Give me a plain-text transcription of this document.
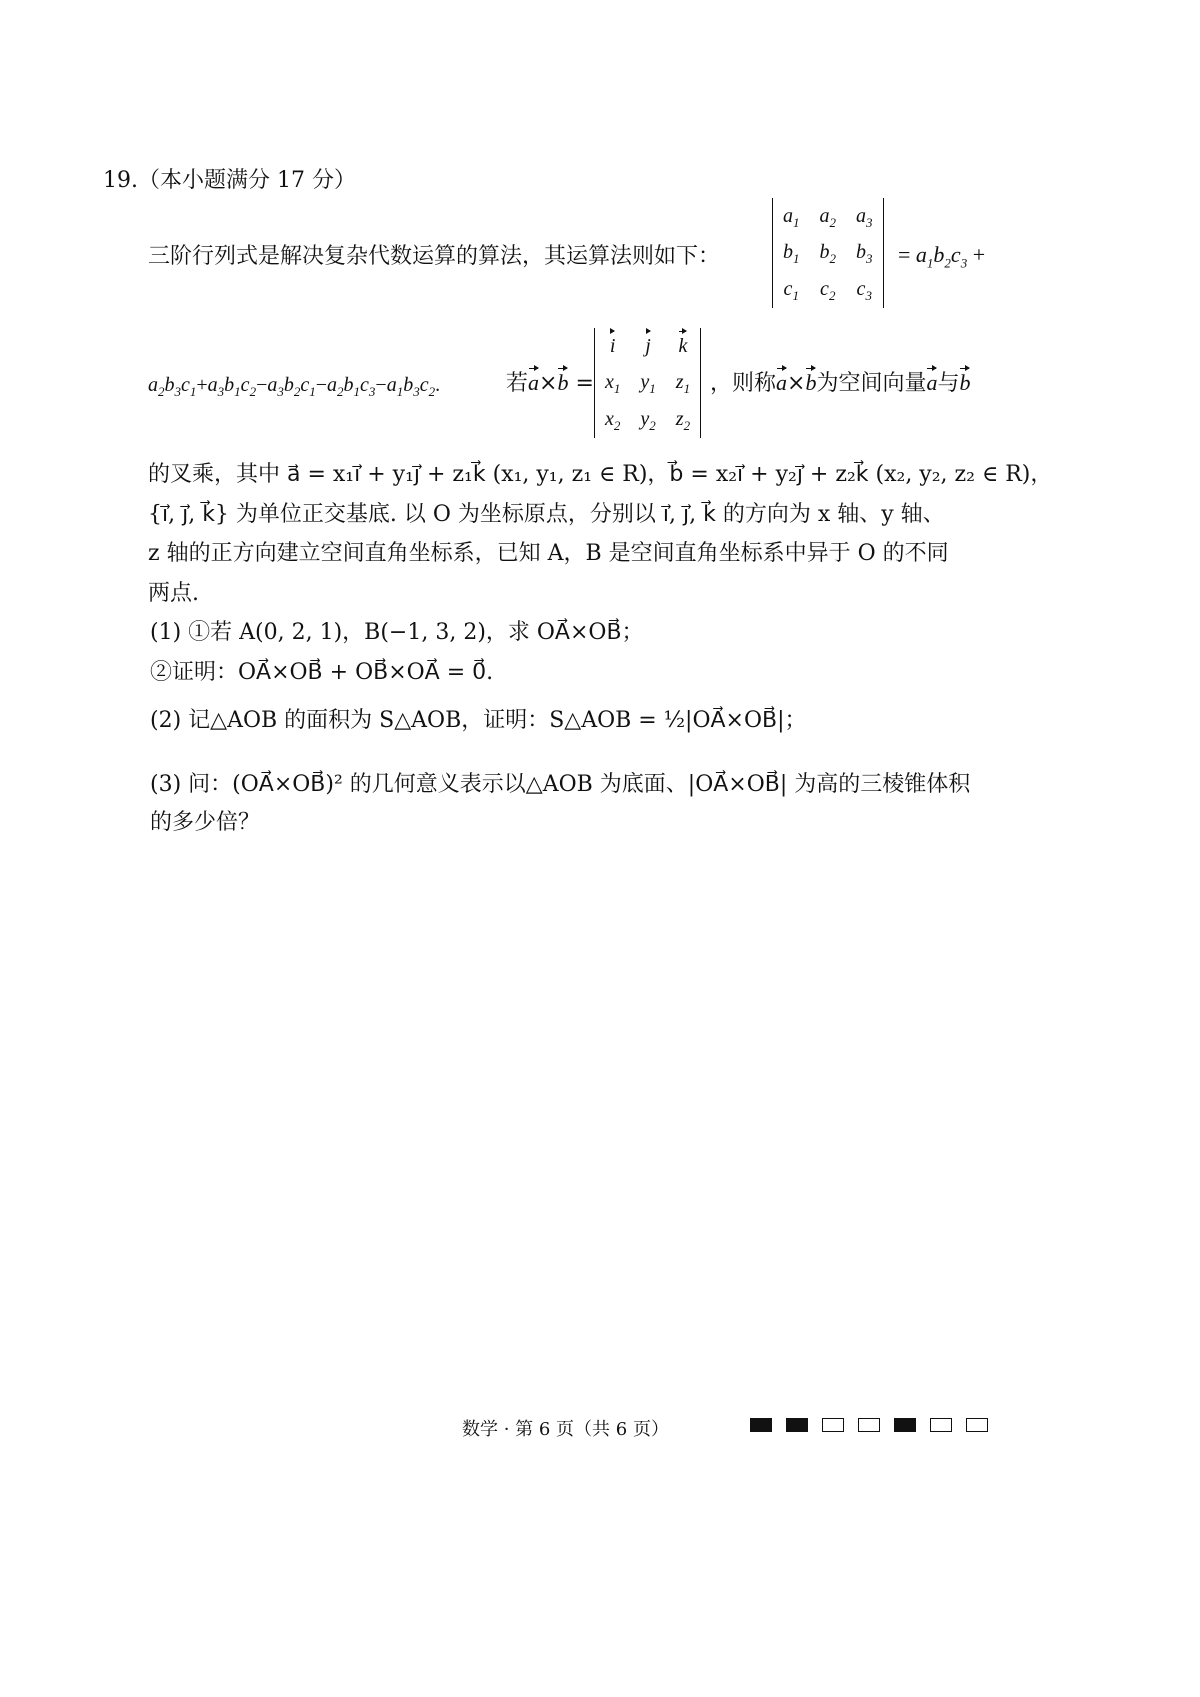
19.（本小题满分 17 分）
三阶行列式是解决复杂代数运算的算法，其运算法则如下：
$a_1$	$a_2$	$a_3$
$b_1$	$b_2$	$b_3$
$c_1$	$c_2$	$c_3$
= $a_1b_2c_3$ +
$a_2b_3c_1+a_3b_1c_2-a_3b_2c_1-a_2b_1c_3-a_1b_3c_2$.	若a×b =
i	j	k
$x_1$	$y_1$	$z_1$
$x_2$	$y_2$	$z_2$
，则称a×b为空间向量a与b
的叉乘，其中 a⃗ = x₁i⃗ + y₁j⃗ + z₁k⃗ (x₁, y₁, z₁ ∈ R)，b⃗ = x₂i⃗ + y₂j⃗ + z₂k⃗ (x₂, y₂, z₂ ∈ R)，
{i⃗, j⃗, k⃗} 为单位正交基底. 以 O 为坐标原点，分别以 i⃗, j⃗, k⃗ 的方向为 x 轴、y 轴、
z 轴的正方向建立空间直角坐标系，已知 A，B 是空间直角坐标系中异于 O 的不同
两点.
(1) ①若 A(0, 2, 1)，B(−1, 3, 2)，求 OA⃗×OB⃗；
②证明：OA⃗×OB⃗ + OB⃗×OA⃗ = 0⃗.
(2) 记△AOB 的面积为 S△AOB，证明：S△AOB = ½|OA⃗×OB⃗|；
(3) 问：(OA⃗×OB⃗)² 的几何意义表示以△AOB 为底面、|OA⃗×OB⃗| 为高的三棱锥体积
的多少倍？
数学 · 第 6 页（共 6 页）
